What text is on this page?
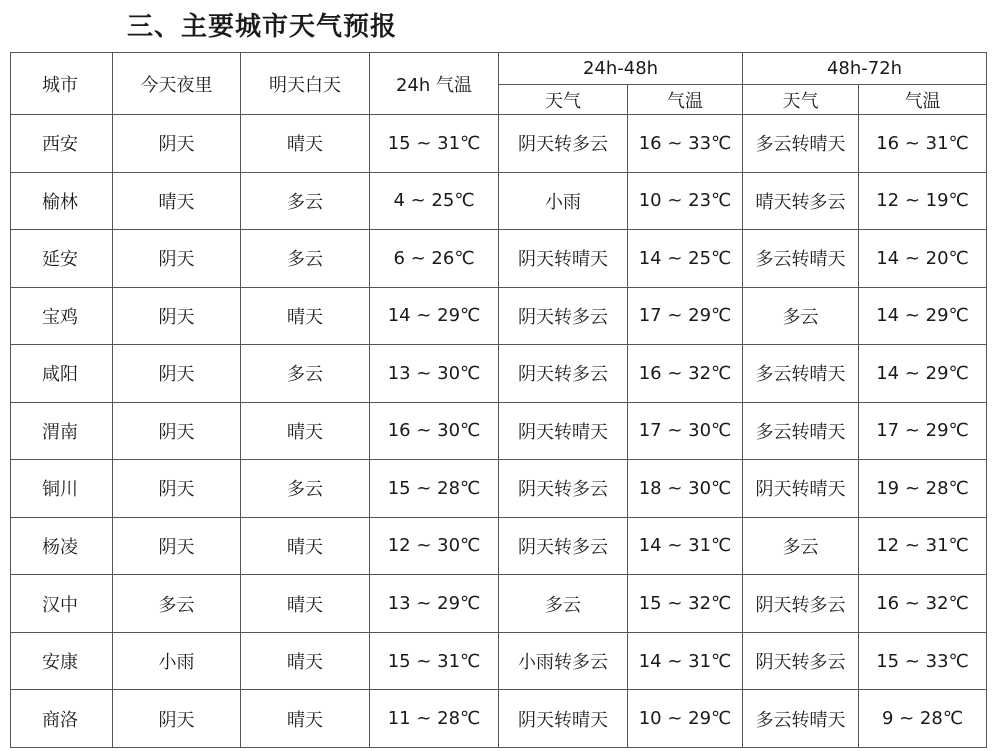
三、主要城市天气预报
城市	今天夜里	明天白天	24h 气温	24h-48h		48h-72h	
				天气	气温	天气	气温
西安	阴天	晴天	15 ~ 31℃	阴天转多云	16 ~ 33℃	多云转晴天	16 ~ 31℃
榆林	晴天	多云	4 ~ 25℃	小雨	10 ~ 23℃	晴天转多云	12 ~ 19℃
延安	阴天	多云	6 ~ 26℃	阴天转晴天	14 ~ 25℃	多云转晴天	14 ~ 20℃
宝鸡	阴天	晴天	14 ~ 29℃	阴天转多云	17 ~ 29℃	多云	14 ~ 29℃
咸阳	阴天	多云	13 ~ 30℃	阴天转多云	16 ~ 32℃	多云转晴天	14 ~ 29℃
渭南	阴天	晴天	16 ~ 30℃	阴天转晴天	17 ~ 30℃	多云转晴天	17 ~ 29℃
铜川	阴天	多云	15 ~ 28℃	阴天转多云	18 ~ 30℃	阴天转晴天	19 ~ 28℃
杨凌	阴天	晴天	12 ~ 30℃	阴天转多云	14 ~ 31℃	多云	12 ~ 31℃
汉中	多云	晴天	13 ~ 29℃	多云	15 ~ 32℃	阴天转多云	16 ~ 32℃
安康	小雨	晴天	15 ~ 31℃	小雨转多云	14 ~ 31℃	阴天转多云	15 ~ 33℃
商洛	阴天	晴天	11 ~ 28℃	阴天转晴天	10 ~ 29℃	多云转晴天	9 ~ 28℃
